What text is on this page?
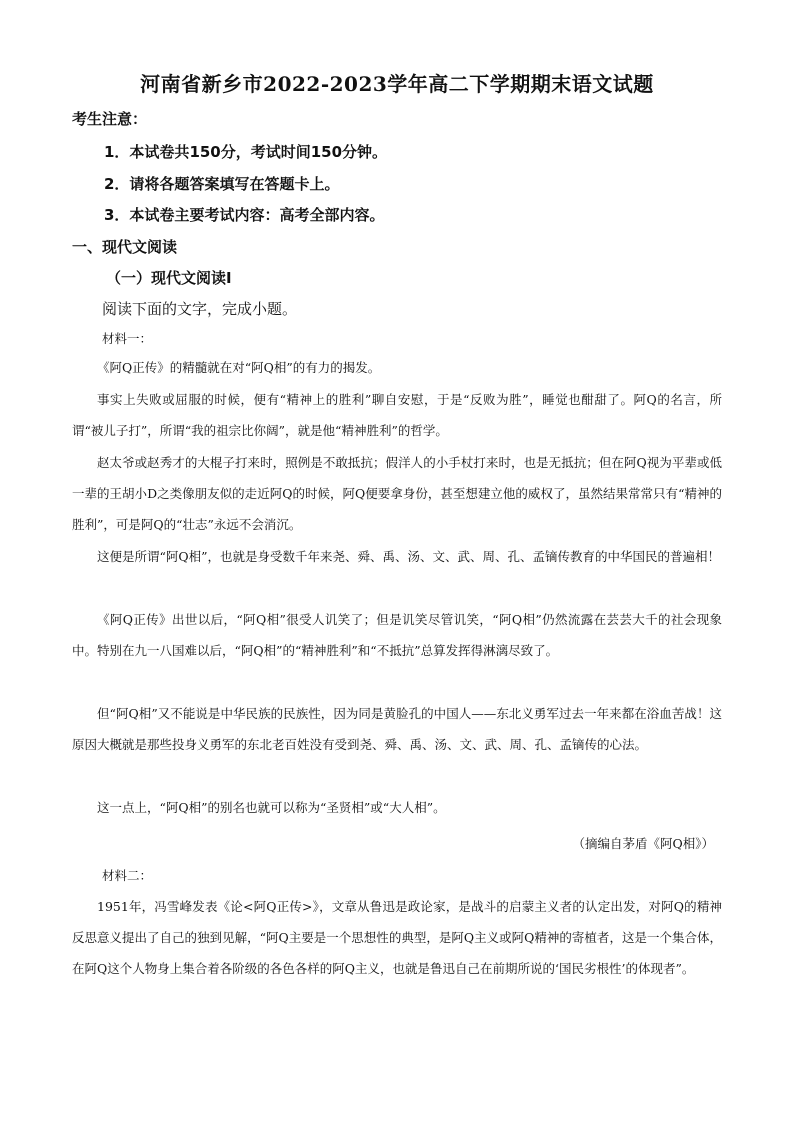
河南省新乡市2022-2023学年高二下学期期末语文试题
考生注意：
1．本试卷共150分，考试时间150分钟。
2．请将各题答案填写在答题卡上。
3．本试卷主要考试内容：高考全部内容。
一、现代文阅读
（一）现代文阅读Ⅰ
阅读下面的文字，完成小题。
材料一：

《阿Q正传》的精髓就在对“阿Q相”的有力的揭发。

事实上失败或屈服的时候，便有“精神上的胜利”聊自安慰，于是“反败为胜”，睡觉也酣甜了。阿Q的名言，所谓“被儿子打”，所谓“我的祖宗比你阔”，就是他“精神胜利”的哲学。

赵太爷或赵秀才的大棍子打来时，照例是不敢抵抗；假洋人的小手杖打来时，也是无抵抗；但在阿Q视为平辈或低一辈的王胡小D之类像朋友似的走近阿Q的时候，阿Q便要拿身份，甚至想建立他的威权了，虽然结果常常只有“精神的胜利”，可是阿Q的“壮志”永远不会消沉。

这便是所谓“阿Q相”，也就是身受数千年来尧、舜、禹、汤、文、武、周、孔、孟镝传教育的中华国民的普遍相！

《阿Q正传》出世以后，“阿Q相”很受人讥笑了；但是讥笑尽管讥笑，“阿Q相”仍然流露在芸芸大千的社会现象中。特别在九一八国难以后，“阿Q相”的“精神胜利”和“不抵抗”总算发挥得淋漓尽致了。

但“阿Q相”又不能说是中华民族的民族性，因为同是黄脸孔的中国人——东北义勇军过去一年来都在浴血苦战！这原因大概就是那些投身义勇军的东北老百姓没有受到尧、舜、禹、汤、文、武、周、孔、孟镝传的心法。

这一点上，“阿Q相”的别名也就可以称为“圣贤相”或“大人相”。

（摘编自茅盾《阿Q相》）
材料二：

1951年，冯雪峰发表《论<阿Q正传>》，文章从鲁迅是政论家，是战斗的启蒙主义者的认定出发，对阿Q的精神反思意义提出了自己的独到见解，“阿Q主要是一个思想性的典型，是阿Q主义或阿Q精神的寄植者，这是一个集合体，在阿Q这个人物身上集合着各阶级的各色各样的阿Q主义，也就是鲁迅自己在前期所说的‘国民劣根性’的体现者”。
